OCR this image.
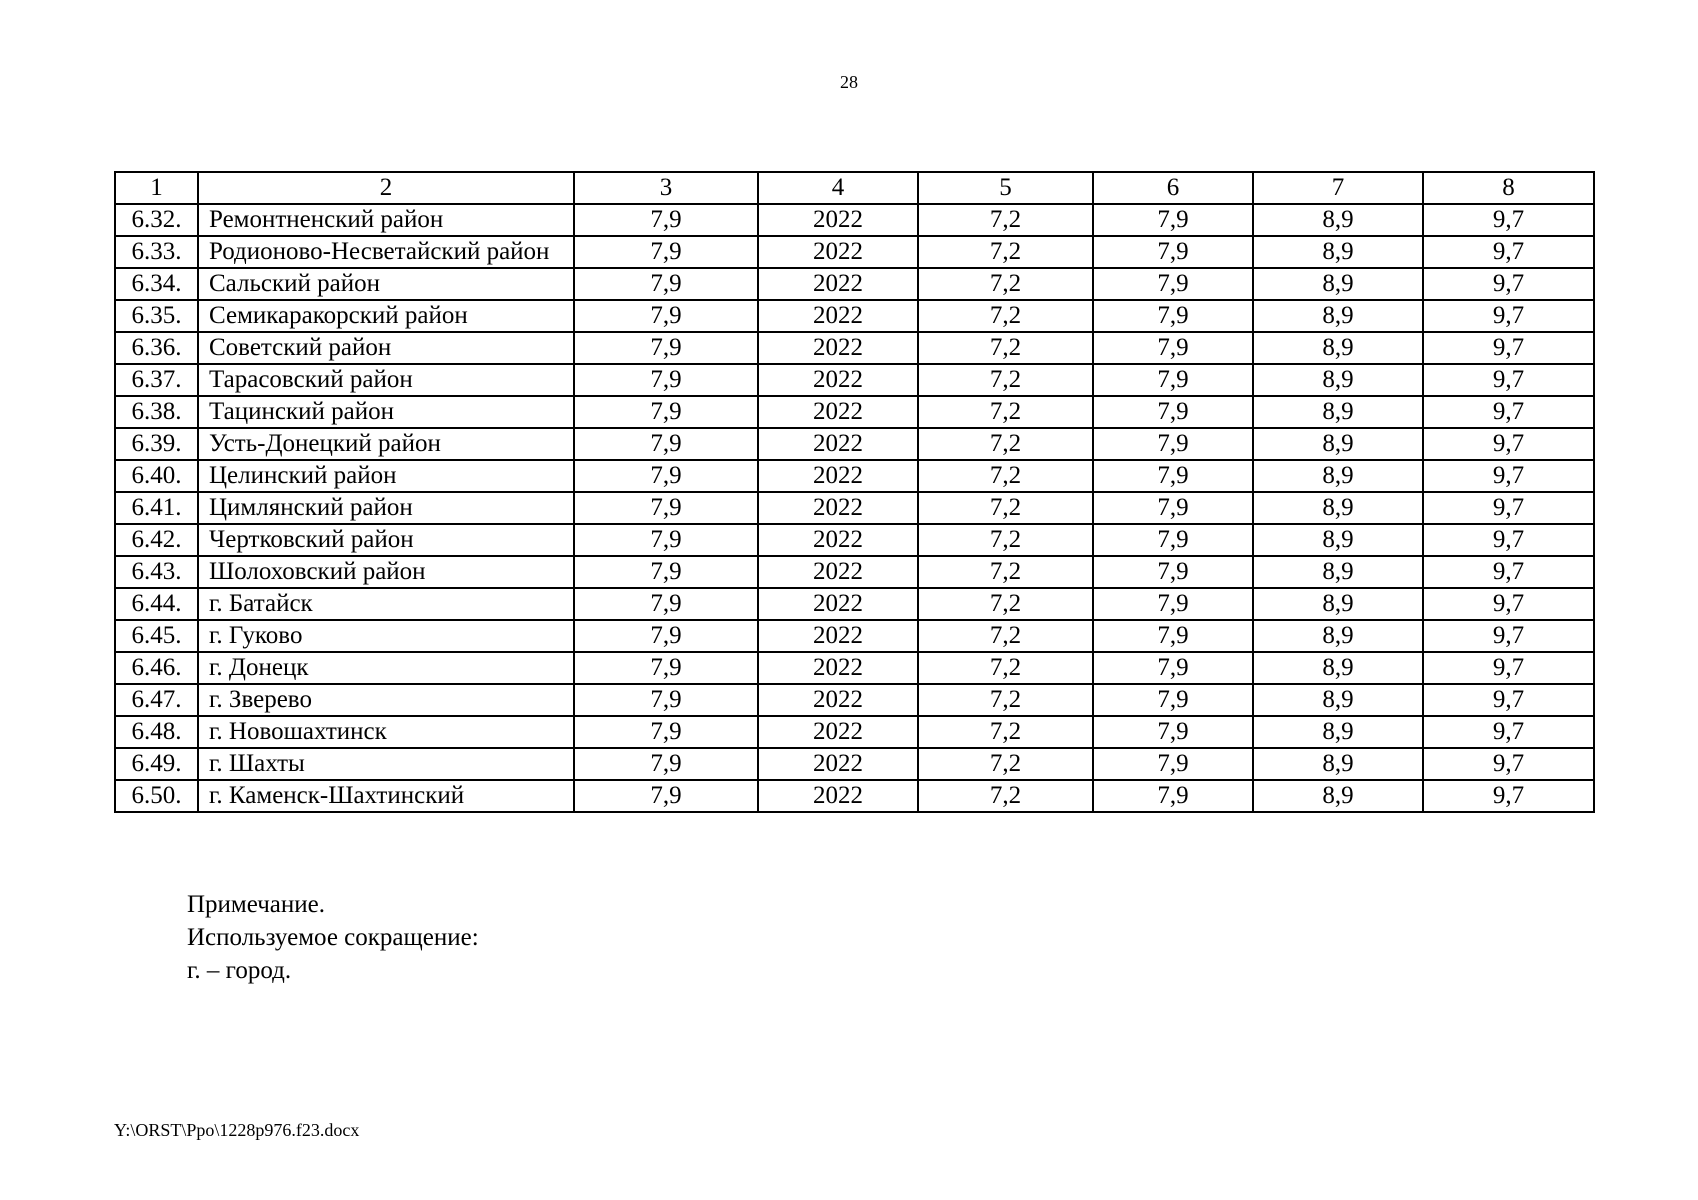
28
1	2	3	4	5	6	7	8
6.32.	Ремонтненский район	7,9	2022	7,2	7,9	8,9	9,7
6.33.	Родионово-Несветайский район	7,9	2022	7,2	7,9	8,9	9,7
6.34.	Сальский район	7,9	2022	7,2	7,9	8,9	9,7
6.35.	Семикаракорский район	7,9	2022	7,2	7,9	8,9	9,7
6.36.	Советский район	7,9	2022	7,2	7,9	8,9	9,7
6.37.	Тарасовский район	7,9	2022	7,2	7,9	8,9	9,7
6.38.	Тацинский район	7,9	2022	7,2	7,9	8,9	9,7
6.39.	Усть-Донецкий район	7,9	2022	7,2	7,9	8,9	9,7
6.40.	Целинский район	7,9	2022	7,2	7,9	8,9	9,7
6.41.	Цимлянский район	7,9	2022	7,2	7,9	8,9	9,7
6.42.	Чертковский район	7,9	2022	7,2	7,9	8,9	9,7
6.43.	Шолоховский район	7,9	2022	7,2	7,9	8,9	9,7
6.44.	г. Батайск	7,9	2022	7,2	7,9	8,9	9,7
6.45.	г. Гуково	7,9	2022	7,2	7,9	8,9	9,7
6.46.	г. Донецк	7,9	2022	7,2	7,9	8,9	9,7
6.47.	г. Зверево	7,9	2022	7,2	7,9	8,9	9,7
6.48.	г. Новошахтинск	7,9	2022	7,2	7,9	8,9	9,7
6.49.	г. Шахты	7,9	2022	7,2	7,9	8,9	9,7
6.50.	г. Каменск-Шахтинский	7,9	2022	7,2	7,9	8,9	9,7
Примечание.
Используемое сокращение:
г. – город.
Y:\ORST\Ppo\1228p976.f23.docx
